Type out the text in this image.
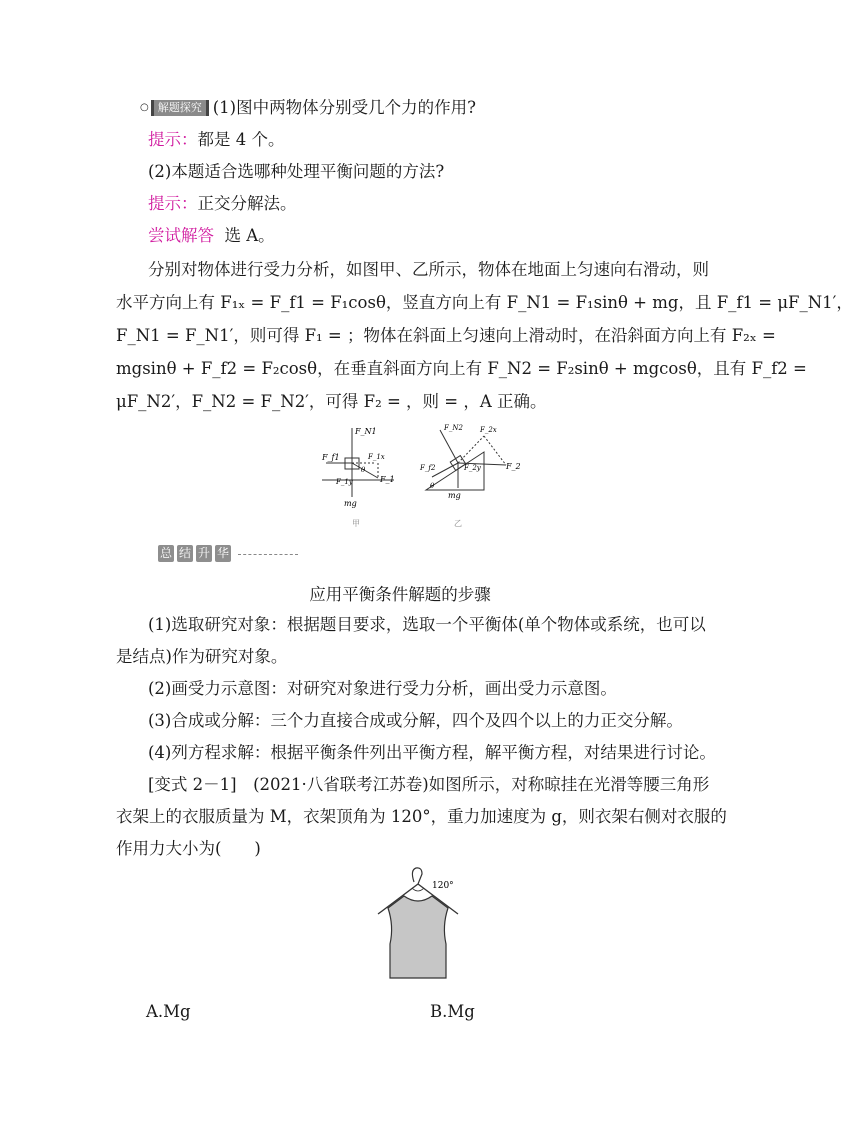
○ 解题探究 (1)图中两物体分别受几个力的作用?
提示：都是 4 个。
(2)本题适合选哪种处理平衡问题的方法?
提示：正交分解法。
尝试解答 选 A。
分别对物体进行受力分析，如图甲、乙所示，物体在地面上匀速向右滑动，则
水平方向上有 F₁ₓ = F_f1 = F₁cosθ，竖直方向上有 F_N1 = F₁sinθ + mg，且 F_f1 = μF_N1′，
F_N1 = F_N1′，则可得 F₁ = ；物体在斜面上匀速向上滑动时，在沿斜面方向上有 F₂ₓ =
mgsinθ + F_f2 = F₂cosθ，在垂直斜面方向上有 F_N2 = F₂sinθ + mgcosθ，且有 F_f2 =
μF_N2′，F_N2 = F_N2′，可得 F₂ = ，则 = ，A 正确。
F_N1
F_f1	F_1x
F_1y	F_1
θ
mg
甲
F_N2 F_2x
F_f2	F_2y	F_2
θ
mg
乙
总 结 升 华
应用平衡条件解题的步骤
(1)选取研究对象：根据题目要求，选取一个平衡体(单个物体或系统，也可以
是结点)作为研究对象。
(2)画受力示意图：对研究对象进行受力分析，画出受力示意图。
(3)合成或分解：三个力直接合成或分解，四个及四个以上的力正交分解。
(4)列方程求解：根据平衡条件列出平衡方程，解平衡方程，对结果进行讨论。
[变式 2－1]　(2021·八省联考江苏卷)如图所示，对称晾挂在光滑等腰三角形
衣架上的衣服质量为 M，衣架顶角为 120°，重力加速度为 g，则衣架右侧对衣服的
作用力大小为(　　)
120°
A.Mg	B.Mg
